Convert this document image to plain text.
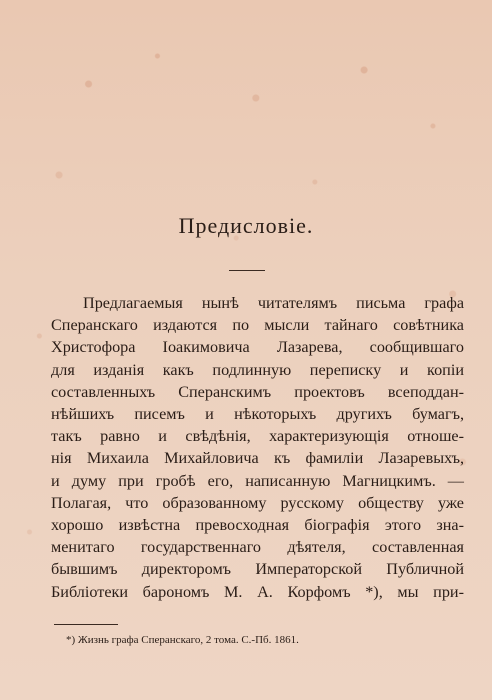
Предисловіе.
Предлагаемыя нынѣ читателямъ письма графа
Сперанскаго издаются по мысли тайнаго совѣтника
Христофора Іоакимовича Лазарева, сообщившаго
для изданія какъ подлинную переписку и копіи
составленныхъ Сперанскимъ проектовъ всеподдан-
нѣйшихъ писемъ и нѣкоторыхъ другихъ бумагъ,
такъ равно и свѣдѣнія, характеризующія отноше-
нія Михаила Михайловича къ фамиліи Лазаревыхъ,
и думу при гробѣ его, написанную Магницкимъ. —
Полагая, что образованному русскому обществу уже
хорошо извѣстна превосходная біографія этого зна-
менитаго государственнаго дѣятеля, составленная
бывшимъ директоромъ Императорской Публичной
Библіотеки барономъ М. А. Корфомъ *), мы при-
*) Жизнь графа Сперанскаго, 2 тома. С.-Пб. 1861.
